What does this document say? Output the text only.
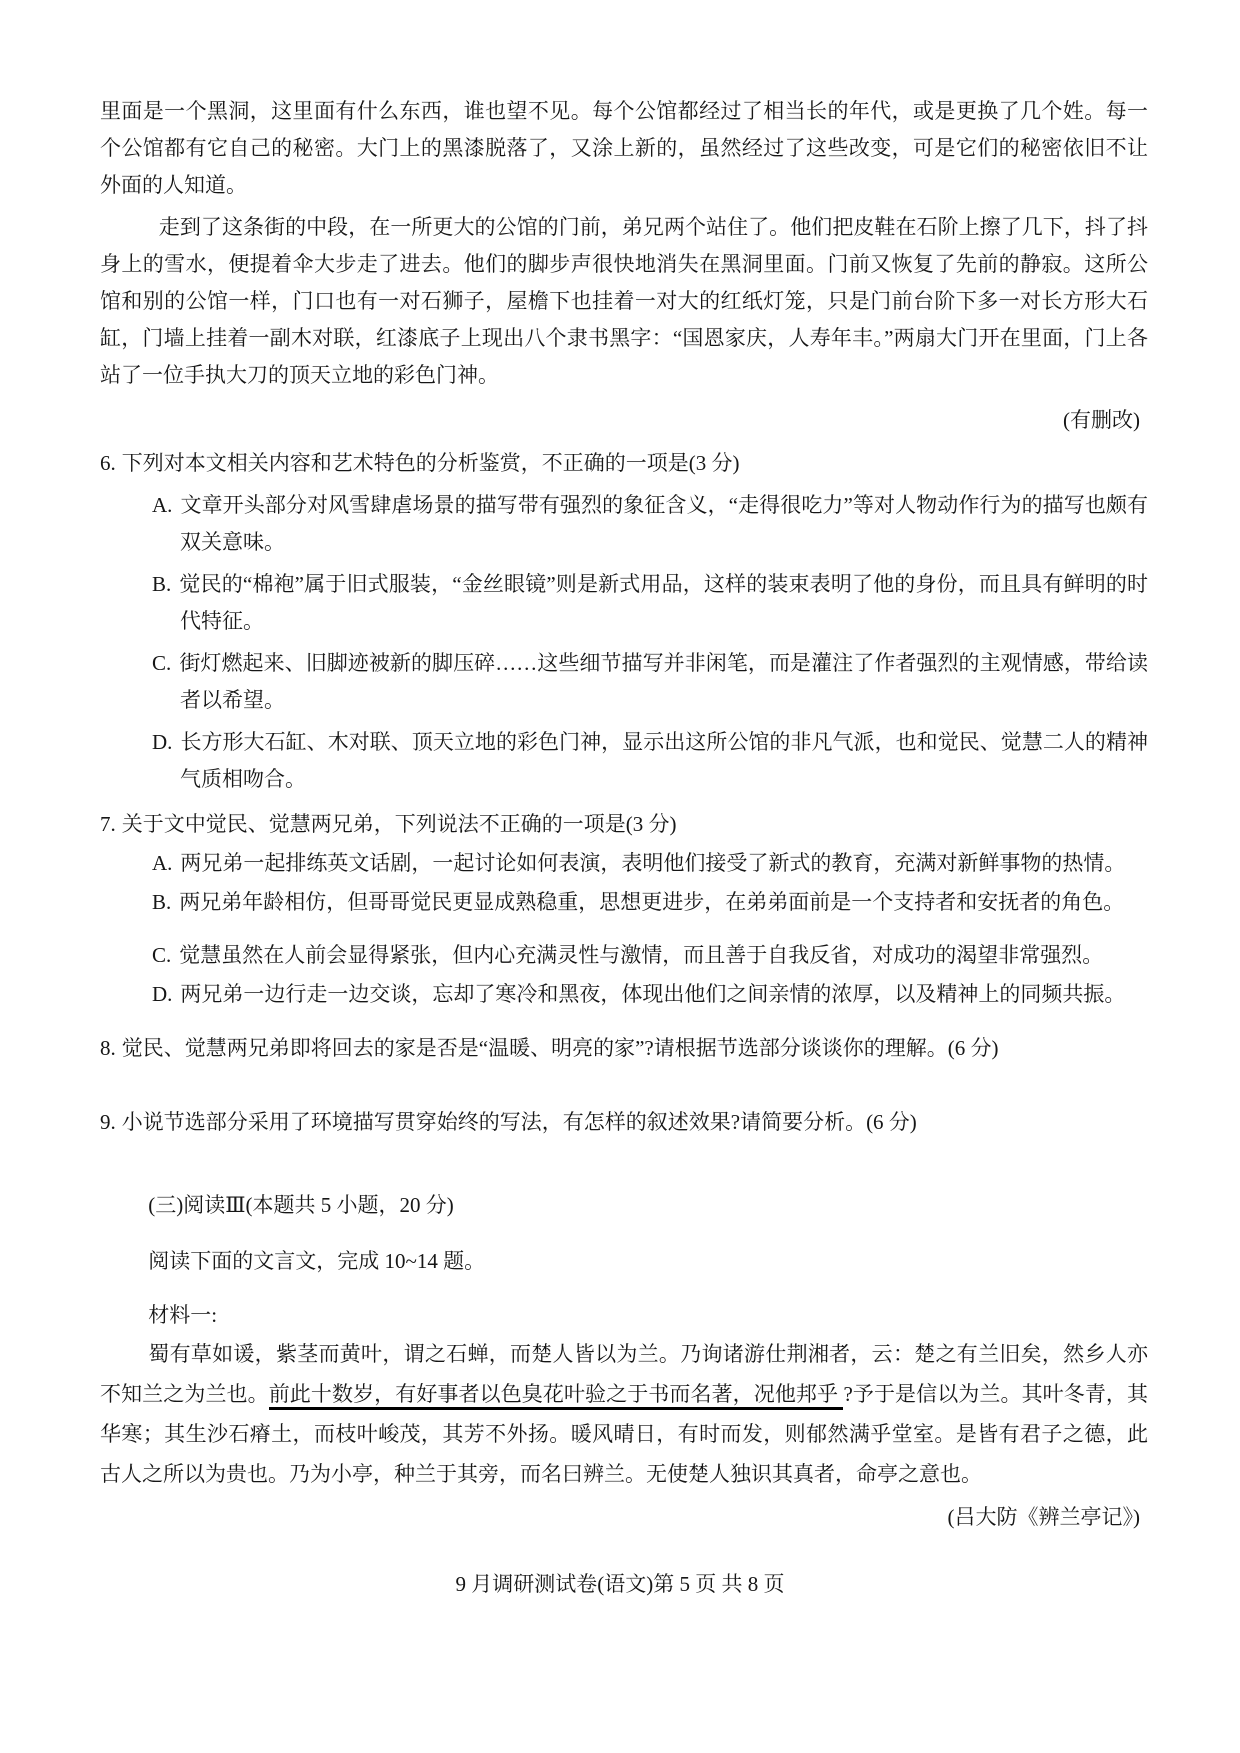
里面是一个黑洞，这里面有什么东西，谁也望不见。每个公馆都经过了相当长的年代，或是更换了几个姓。每一个公馆都有它自己的秘密。大门上的黑漆脱落了，又涂上新的，虽然经过了这些改变，可是它们的秘密依旧不让外面的人知道。

走到了这条街的中段，在一所更大的公馆的门前，弟兄两个站住了。他们把皮鞋在石阶上擦了几下，抖了抖身上的雪水，便提着伞大步走了进去。他们的脚步声很快地消失在黑洞里面。门前又恢复了先前的静寂。这所公馆和别的公馆一样，门口也有一对石狮子，屋檐下也挂着一对大的红纸灯笼，只是门前台阶下多一对长方形大石缸，门墙上挂着一副木对联，红漆底子上现出八个隶书黑字：“国恩家庆，人寿年丰。”两扇大门开在里面，门上各站了一位手执大刀的顶天立地的彩色门神。

(有删改)

6. 下列对本文相关内容和艺术特色的分析鉴赏，不正确的一项是(3 分)

A. 文章开头部分对风雪肆虐场景的描写带有强烈的象征含义，“走得很吃力”等对人物动作行为的描写也颇有双关意味。

B. 觉民的“棉袍”属于旧式服装，“金丝眼镜”则是新式用品，这样的装束表明了他的身份，而且具有鲜明的时代特征。

C. 街灯燃起来、旧脚迹被新的脚压碎……这些细节描写并非闲笔，而是灌注了作者强烈的主观情感，带给读者以希望。

D. 长方形大石缸、木对联、顶天立地的彩色门神，显示出这所公馆的非凡气派，也和觉民、觉慧二人的精神气质相吻合。

7. 关于文中觉民、觉慧两兄弟，下列说法不正确的一项是(3 分)

A. 两兄弟一起排练英文话剧，一起讨论如何表演，表明他们接受了新式的教育，充满对新鲜事物的热情。

B. 两兄弟年龄相仿，但哥哥觉民更显成熟稳重，思想更进步，在弟弟面前是一个支持者和安抚者的角色。

C. 觉慧虽然在人前会显得紧张，但内心充满灵性与激情，而且善于自我反省，对成功的渴望非常强烈。

D. 两兄弟一边行走一边交谈，忘却了寒冷和黑夜，体现出他们之间亲情的浓厚，以及精神上的同频共振。

8. 觉民、觉慧两兄弟即将回去的家是否是“温暖、明亮的家”?请根据节选部分谈谈你的理解。(6 分)

9. 小说节选部分采用了环境描写贯穿始终的写法，有怎样的叙述效果?请简要分析。(6 分)

(三)阅读Ⅲ(本题共 5 小题，20 分)

阅读下面的文言文，完成 10~14 题。

材料一:

蜀有草如谖，紫茎而黄叶，谓之石蝉，而楚人皆以为兰。乃询诸游仕荆湘者，云：楚之有兰旧矣，然乡人亦不知兰之为兰也。前此十数岁，有好事者以色臭花叶验之于书而名著，况他邦乎 ?予于是信以为兰。其叶冬青，其华寒；其生沙石瘠土，而枝叶峻茂，其芳不外扬。暖风晴日，有时而发，则郁然满乎堂室。是皆有君子之德，此古人之所以为贵也。乃为小亭，种兰于其旁，而名曰辨兰。无使楚人独识其真者，命亭之意也。

(吕大防《辨兰亭记》)

9 月调研测试卷(语文)第 5 页 共 8 页
